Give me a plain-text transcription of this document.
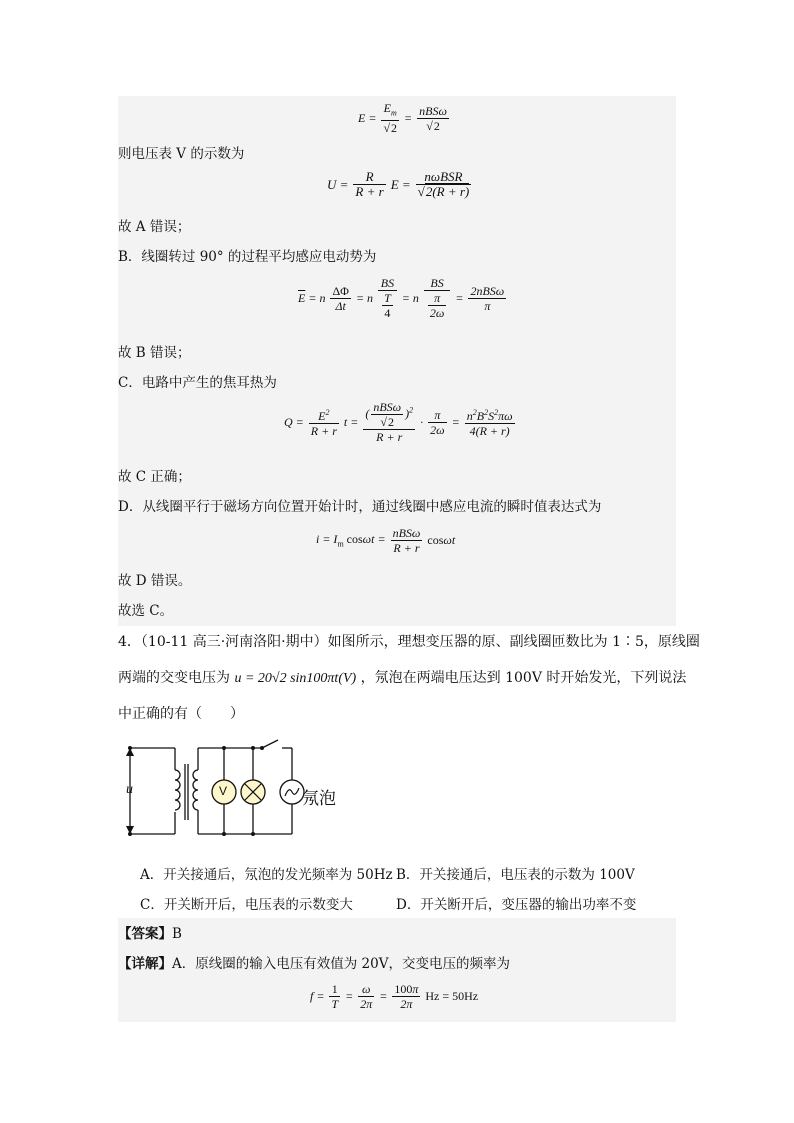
$E = \frac{E_m}{√2} = \frac{\text{nBSω}}{√2}$
则电压表 V 的示数为
$U = \frac{R}{R + r}$ $E = \frac{\text{nωBSR}}{√2(R + r)}$
故 A 错误；
B．线圈转过 90° 的过程平均感应电动势为
$\overline{E} = n \frac{\Delta\Phi}{\Delta t} = n \frac{BS}{\frac{T}{4}} = n \frac{BS}{\frac{\pi}{2\omega}} = \frac{\text{2nBSω}}{\pi}$
故 B 错误；
C．电路中产生的焦耳热为
$Q = \frac{E^2}{R + r}$ $t = \frac{( \frac{\text{nBSω}}{√2} )^2}{R + r} \cdot \frac{\pi}{2\omega} = \frac{n^2B^2S^2\pi\omega}{4(R + r)}$
故 C 正确；
D．从线圈平行于磁场方向位置开始计时，通过线圈中感应电流的瞬时值表达式为
$i = I_m$ $\cos\omega t = \frac{\text{nBSω}}{R + r}$ cosωt
故 D 错误。
故选 C。
4．（10-11 高三·河南洛阳·期中）如图所示，理想变压器的原、副线圈匝数比为 1∶5，原线圈
两端的交变电压为 u = 20√2 sin100πt(V) ，氖泡在两端电压达到 100V 时开始发光，下列说法
中正确的有（　　）
u	V	氖泡
A．开关接通后，氖泡的发光频率为 50Hz B．开关接通后，电压表的示数为 100V
C．开关断开后，电压表的示数变大	D．开关断开后，变压器的输出功率不变
【答案】B
【详解】A．原线圈的输入电压有效值为 20V，交变电压的频率为
$f = \frac{1}{T} = \frac{\omega}{2\pi} = \frac{100\pi}{2\pi}$ Hz = 50Hz
